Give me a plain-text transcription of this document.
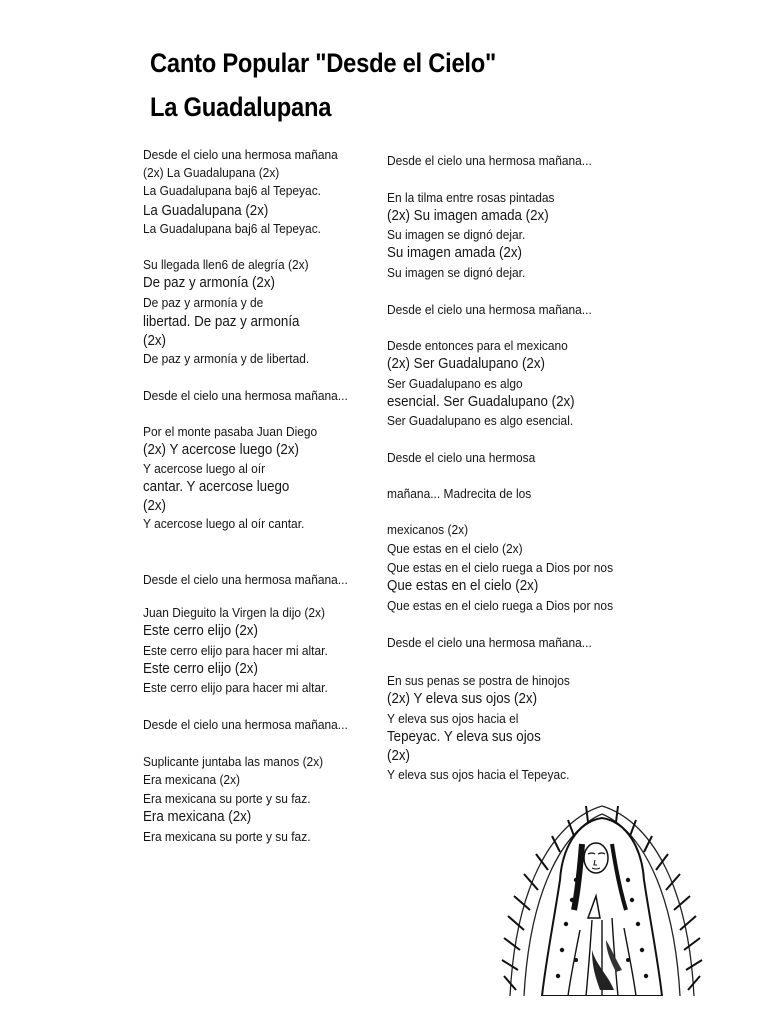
Canto Popular "Desde el Cielo"
La Guadalupana
Desde el cielo una hermosa mañana
(2x) La Guadalupana (2x)
La Guadalupana baj6 al Tepeyac.
La Guadalupana (2x)
La Guadalupana baj6 al Tepeyac.
Su llegada llen6 de alegría (2x)
De paz y armonía (2x)
De paz y armonía y de
libertad. De paz y armonía
(2x)
De paz y armonía y de libertad.
Desde el cielo una hermosa mañana...
Por el monte pasaba Juan Diego
(2x) Y acercose luego (2x)
Y acercose luego al oír
cantar. Y acercose luego
(2x)
Y acercose luego al oír cantar.
Desde el cielo una hermosa mañana...
Juan Dieguito la Virgen la dijo (2x)
Este cerro elijo (2x)
Este cerro elijo para hacer mi altar.
Este cerro elijo (2x)
Este cerro elijo para hacer mi altar.
Desde el cielo una hermosa mañana...
Suplicante juntaba las manos (2x)
Era mexicana (2x)
Era mexicana su porte y su faz.
Era mexicana (2x)
Era mexicana su porte y su faz.
Desde el cielo una hermosa mañana...
En la tilma entre rosas pintadas
(2x) Su imagen amada (2x)
Su imagen se dignó dejar.
Su imagen amada (2x)
Su imagen se dignó dejar.
Desde el cielo una hermosa mañana...
Desde entonces para el mexicano
(2x) Ser Guadalupano (2x)
Ser Guadalupano es algo
esencial. Ser Guadalupano (2x)
Ser Guadalupano es algo esencial.
Desde el cielo una hermosa
mañana... Madrecita de los
mexicanos (2x)
Que estas en el cielo (2x)
Que estas en el cielo ruega a Dios por nos
Que estas en el cielo (2x)
Que estas en el cielo ruega a Dios por nos
Desde el cielo una hermosa mañana...
En sus penas se postra de hinojos
(2x) Y eleva sus ojos (2x)
Y eleva sus ojos hacia el
Tepeyac. Y eleva sus ojos
(2x)
Y eleva sus ojos hacia el Tepeyac.
